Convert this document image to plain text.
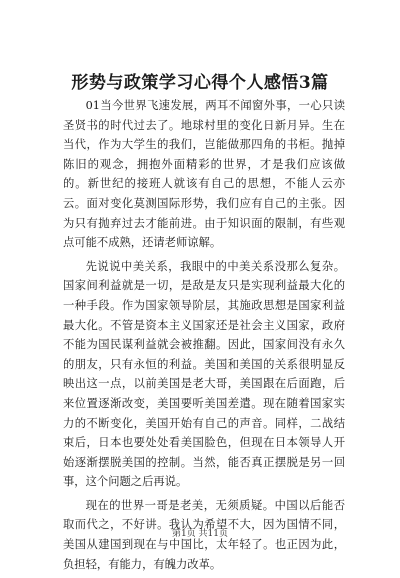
形势与政策学习心得个人感悟3篇

01当今世界飞速发展，两耳不闻窗外事，一心只读圣贤书的时代过去了。地球村里的变化日新月异。生在当代，作为大学生的我们，岂能做那四角的书柜。抛掉陈旧的观念，拥抱外面精彩的世界，才是我们应该做的。新世纪的接班人就该有自己的思想，不能人云亦云。面对变化莫测国际形势，我们应有自己的主张。因为只有抛弃过去才能前进。由于知识面的限制，有些观点可能不成熟，还请老师谅解。

先说说中美关系，我眼中的中美关系没那么复杂。国家间利益就是一切，是敌是友只是实现利益最大化的一种手段。作为国家领导阶层，其施政思想是国家利益最大化。不管是资本主义国家还是社会主义国家，政府不能为国民谋利益就会被推翻。因此，国家间没有永久的朋友，只有永恒的利益。美国和美国的关系很明显反映出这一点，以前美国是老大哥，美国跟在后面跑，后来位置逐渐改变，美国要听美国差遣。现在随着国家实力的不断变化，美国开始有自己的声音。同样，二战结束后，日本也要处处看美国脸色，但现在日本领导人开始逐渐摆脱美国的控制。当然，能否真正摆脱是另一回事，这个问题之后再说。

现在的世界一哥是老美，无须质疑。中国以后能否取而代之，不好讲。我认为希望不大，因为国情不同，美国从建国到现在与中国比，太年轻了。也正因为此，负担轻，有能力，有魄力改革。

第1页 共11页
